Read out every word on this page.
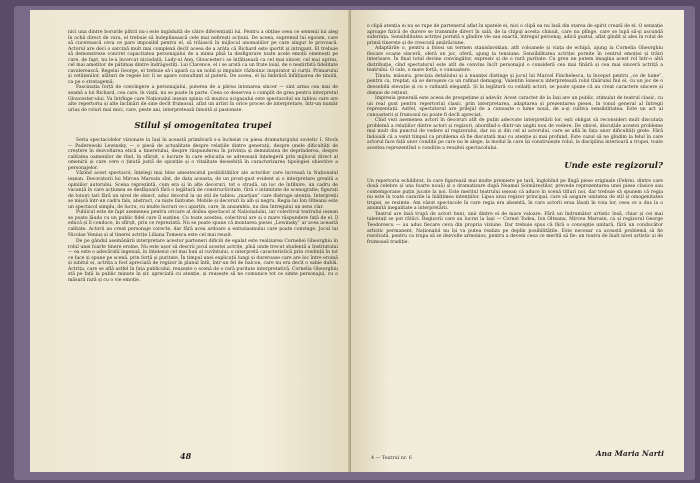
nici una dintre borurile pătrii nu-i este ingăduită de către diferențiații lui. Pentru a obține ceea ce semenii lui aleg în ochii direct de vara, el trebuie să îndeplinească cele mai nefirești acțiuni. De aceea, supremul lui egoism, care să cucerească ceva ce pare imposibil pentru el, să trăiască în mijlocul anomaliilor pe care singur le provoacă. Actorul are deci o sarcină mult mai complexă decît aceea de a arăta că Richard este iportit și intrigant. El trebuie să demonstreze concret capacitatea personajului de a mima pînă la desfigurare toate acele emoții omenești pe care, de fapt, nu le-a încercat niciodată. Lady-ul Ann, Gloucester-i se înfățișează ca cel mai sincer, cel mai aprins, cel mai amețitor de pătimaș dintre îndrăgostiți. Lui Clarence, el i se arată ca un frate loial, de o neștirbită fidelitate cavalerească. Regelui George, el trebuie să-i apară ca un nobil și impulsiv războinic inspirator al curții. Primarului și cetățenilor, alături de regele lor, li se apare consultant al puterii. De aceea, el își îmbrăcă înfățișarea de ținută, ca pe o stratagemă.

Fascinația forță de convingere a personajului, puterea de a părea intonarea sincer — sint arma cea mai de seamă a lui Richard, cea care, în viață, nu se poate în parte. Ceea ce deservea o cumplit de grea pentru interpretul Gloucester-ului. Va întrînge care Naționalul ieșean spinia că muzica ucigașului este spectacolul un tablou care are alte repertoriu și alte înclinări de sine decît frumosul, aflat un artist în orice proces de interpretare, într-un număr uriaș de roluri mai mici, care, peste ani, interpretează înnoită și pasionate.

Stilul și omogenitatea trupei

Seria spectacolelor vizionate la Iași în această primăvară s-a încheiat cu piesa dramaturgului sovietic I. Stock — Paderewski Lewinsky, — o piesă de actualitate despre relațiile dintre generații, despre unele dificultăți de creștere în dezvoltarea etică a tineretului, despre răspunderea în privința și demnitatea de deprinderea, despre calitatea oamenilor de rînd, în sfârșit, o lucrare în care educația se adresează înțelegerii prin mijlocul direct al omenirii și care cere o ținută justă de opoziție și o vitalitate deosebită în caracterizarea tipologiei obiective a personajelor.

Văzînd acest spectacol, înțelegi mai bine amestecatul posibilităților ale actorilor care lucrează la Naționalul ieșean. Decoratorii lui Mircea Marosin sînt, de data aceasta, de un prost-gust evident și o interpretare greșită a opiniilor autorului. Scena reprezintă, cum era și în alte decoruri, tot o stradă, un loc de întîlnire, un cadru de vacanță în care acțiunea se desfășoară fără o legătură de constructivitate, fără o intimitate de scenografie; figurați de tonuri tari fără un nivel de obiect, aduc decorul la un stil de tablou „marțian” care distrage atenția. Interpreții se mișcă într-un cadru fals, abstract, ca niște fantome. Mobile și decoruri în alb și negru. Regia lui Ion Olteanu este un spectacol simplu, de lucru, cu multe lucruri ce-i aparțin, care, în ansamblu, nu dau întregului un sens clar.

Publicul este de fapt asemenea pentru oricare al doilea spectacol al Naționalului, iar colectivul teatrului ieșean se poate lăuda cu un public fidel care îl susține. Cu toate acestea, colectivul are și o mare răspundere față de el, îl educă și îl conduce, în sfîrșit, prin ce reprezintă. Nu se poate spune că montarea piesei „Lewinsky” ar avea această calitate. Actorii au creat personaje corecte, dar fără acea ardoare a entuziasmului care poate convinge. Jocul lui Nicolae Veniuș și al tinerei actrițe Liliana Tomescu este cel mai reușit.

De pe gândul asemănării interpretare acestor parteneri dificili de egalat este realizarea Corneliei Gheorghiu în rolul unei foarte tinere eroine. Nu este ușor să descrii jocul acestei actrițe, pînă unde trecut studentă a Institutului — ea este o adevărată ingenuă, în înțelesul cel mai bun al cuvîntului, o interpretă caracteristică prin credință în tot ce face și spune pe scenă, prin forță și puritate. În timpul unei explicații lungi și dureroase care are loc între eroină și iubitul ei, actrița a fost apreciată de regizor în planul întîi, într-un fel de balcon, care nu era decît o sabie dublă. Actrița, care se află astfel în fața publicului, reușește o scenă de o rară puritate interpretativă. Cornelia Gheorghiu stă pe față la public minute în șir, apreciată cu atenție, și reușește să ne comunice tot ce simte personajul, cu o măsură rară și cu o vie emoție.

48

o clipă atenția ei nu se rupe de partenerul aflat în spatele ei, nici o clipă ea nu lasă din starea de spirit creată de el. O senzație aproape fizică de durere se transmite direct în sală, de la chipul acesta chinuit, care nu plînge, care se lupă să-și ascundă suferința. Sensibilitatea actriței pornită o gîndire vie sau exactă, întregul personaj, adică gustul, aflat gîndit și ales în rolul de primă tinerețe și de crescută amărăciune.

Adaptările o, pentru a folosi un termen stanislavskian, atît coloanele și viața de echipă, ajung la Cornelia Gheorghiu fiecare ocazie sinceră, oferă un joc, oferă, ajung la tensiune. Sensibilitatea actriței pornite în centrul emoției și trăiri interioare. În final totul devine convingător, expresiv și de o rară puritate. Cu greu ne putem imagina acest rol într-o altă distribuție, cînd spectatorul este atît de convins încît personajul o consideră cea mai tînără și cea mai sinceră actriță a teatrului. O cale, o mare forță, o cunoaștere.

Ținuta, măsura, precizia detaliului și a nuanței distinge și jocul lui Marcel Finchelescu, la început pentru „ce de lume”, pentru ca, treptat, să se deroşeze ca un rafinat demagog. Valentin Ionescu interpretează rolul tînărului fiul ei, cu un joc de o deosebită elevație și cu o rafinată eleganță. Și în legătură cu ceilalți actori, se poate spune că au creat caractere sincere și demne de reținut.

Impresia generală este aceea de prospețime și adevăr. Acest caracter de la Iași are un public, stimulat de teatrul clasic, cu un real gust pentru repertoriul clasic, prin interpretarea, adaptarea și prezentarea piesei, în tonul general al întregii reprezentații. Astfel, spectatorul are prilejul de a cunoaște o lume nouă, de a-și cultiva sensibilitatea. Este un act al cunoașterii și frumosul nu poate fi decît apreciat.

Cînd vezi asemenea actori în decoruri atît de puțin adecvate interpretării lor, ești obligat să reconsideri mult discutata problemă a relațiilor dintre actori și regizori, abordînd-o dintr-un unghi nou de vedere. De obicei, discuțiile acestei probleme mai mult din punctul de vedere al regizorului, dar nu și din cel al actorului, care se află în fața unor dificultăți grele. Fără îndoială că a venit timpul ca problema să fie discutată mai cu atenție și mai profund. Este cazul să ne gîndim la felul în care actorul face față unor condiții pe care nu le alege, la modul în care își construiește rolul, la disciplina interioară a trupei, toate acestea reprezentînd o condiție a reușitei spectacolului.

Unde este regizorul?

Un repertoriu echilibrat, în care figurează mai multe premiere pe țară, înglobînd pe lîngă piese originale (Febrei, dintre care două celebre și una foarte nouă) și o dramatizare după Neamul Șoimăreștilor, prevede reprezentarea unei piese clasice sau contemporane puțin jucate la noi. Este meritul teatrului ieșean că aduce în scenă titluri noi, dar trebuie să spunem că regia nu este în toate cazurile la înălțimea intențiilor. Lipsa unui regizor principal, care să asigure unitatea de stil și omogenitatea trupei, se resimte. Am văzut spectacole în care regia era absentă, în care actorii erau lăsați în voia lor, ceea ce a dus la o anumită inegalitate a interpretării.

Teatrul are însă trupă de actori buni, unii dintre ei de mare valoare. Fără un îndrumător artistic însă, chiar și cei mai talentați se pot rătăci. Regizorii care au lucrat la Iași — Cornel Todea, Ion Olteanu, Mircea Marosin, ca și regizorul George Teodorescu — au adus fiecare ceva din propria viziune. Dar trebuie spus că fără o concepție unitară, fără un conducător artistic permanent, Naționalul nu își va putea realiza pe deplin posibilitățile. Este necesar ca această problemă să fie rezolvată, pentru ca trupa să se dezvolte armonios, pentru a deveni ceea ce merită să fie: un teatru de înalt nivel artistic și de frumoasă tradiție.

4 — Teatrul nr. 6
Ana Maria Narti
